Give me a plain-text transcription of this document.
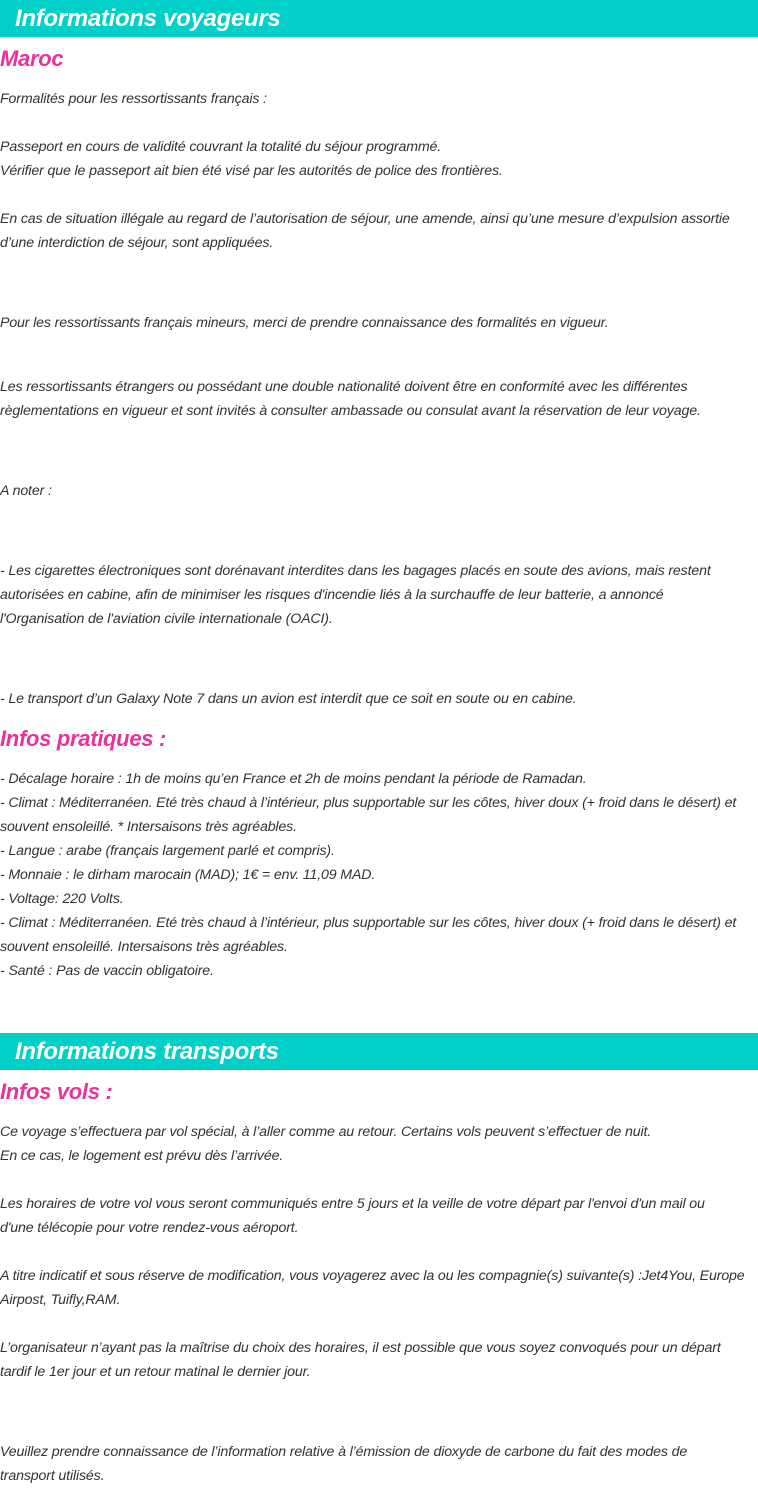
Informations voyageurs
Maroc

Formalités pour les ressortissants français :

Passeport en cours de validité couvrant la totalité du séjour programmé.
Vérifier que le passeport ait bien été visé par les autorités de police des frontières.

En cas de situation illégale au regard de l’autorisation de séjour, une amende, ainsi qu’une mesure d’expulsion assortie
d’une interdiction de séjour, sont appliquées.

Pour les ressortissants français mineurs, merci de prendre connaissance des formalités en vigueur.

Les ressortissants étrangers ou possédant une double nationalité doivent être en conformité avec les différentes
règlementations en vigueur et sont invités à consulter ambassade ou consulat avant la réservation de leur voyage.

A noter :

- Les cigarettes électroniques sont dorénavant interdites dans les bagages placés en soute des avions, mais restent
autorisées en cabine, afin de minimiser les risques d'incendie liés à la surchauffe de leur batterie, a annoncé
l'Organisation de l'aviation civile internationale (OACI).

- Le transport d’un Galaxy Note 7 dans un avion est interdit que ce soit en soute ou en cabine.

Infos pratiques :

- Décalage horaire : 1h de moins qu’en France et 2h de moins pendant la période de Ramadan.
- Climat : Méditerranéen. Eté très chaud à l’intérieur, plus supportable sur les côtes, hiver doux (+ froid dans le désert) et
souvent ensoleillé. * Intersaisons très agréables.
- Langue : arabe (français largement parlé et compris).
- Monnaie : le dirham marocain (MAD); 1€ = env. 11,09 MAD.
- Voltage: 220 Volts.
- Climat : Méditerranéen. Eté très chaud à l’intérieur, plus supportable sur les côtes, hiver doux (+ froid dans le désert) et
souvent ensoleillé. Intersaisons très agréables.
- Santé : Pas de vaccin obligatoire.

Informations transports
Infos vols :

Ce voyage s’effectuera par vol spécial, à l’aller comme au retour. Certains vols peuvent s’effectuer de nuit.
En ce cas, le logement est prévu dès l’arrivée.

Les horaires de votre vol vous seront communiqués entre 5 jours et la veille de votre départ par l'envoi d'un mail ou
d'une télécopie pour votre rendez-vous aéroport.

A titre indicatif et sous réserve de modification, vous voyagerez avec la ou les compagnie(s) suivante(s) :Jet4You, Europe
Airpost, Tuifly,RAM.

L’organisateur n’ayant pas la maîtrise du choix des horaires, il est possible que vous soyez convoqués pour un départ
tardif le 1er jour et un retour matinal le dernier jour.

Veuillez prendre connaissance de l’information relative à l’émission de dioxyde de carbone du fait des modes de
transport utilisés.
